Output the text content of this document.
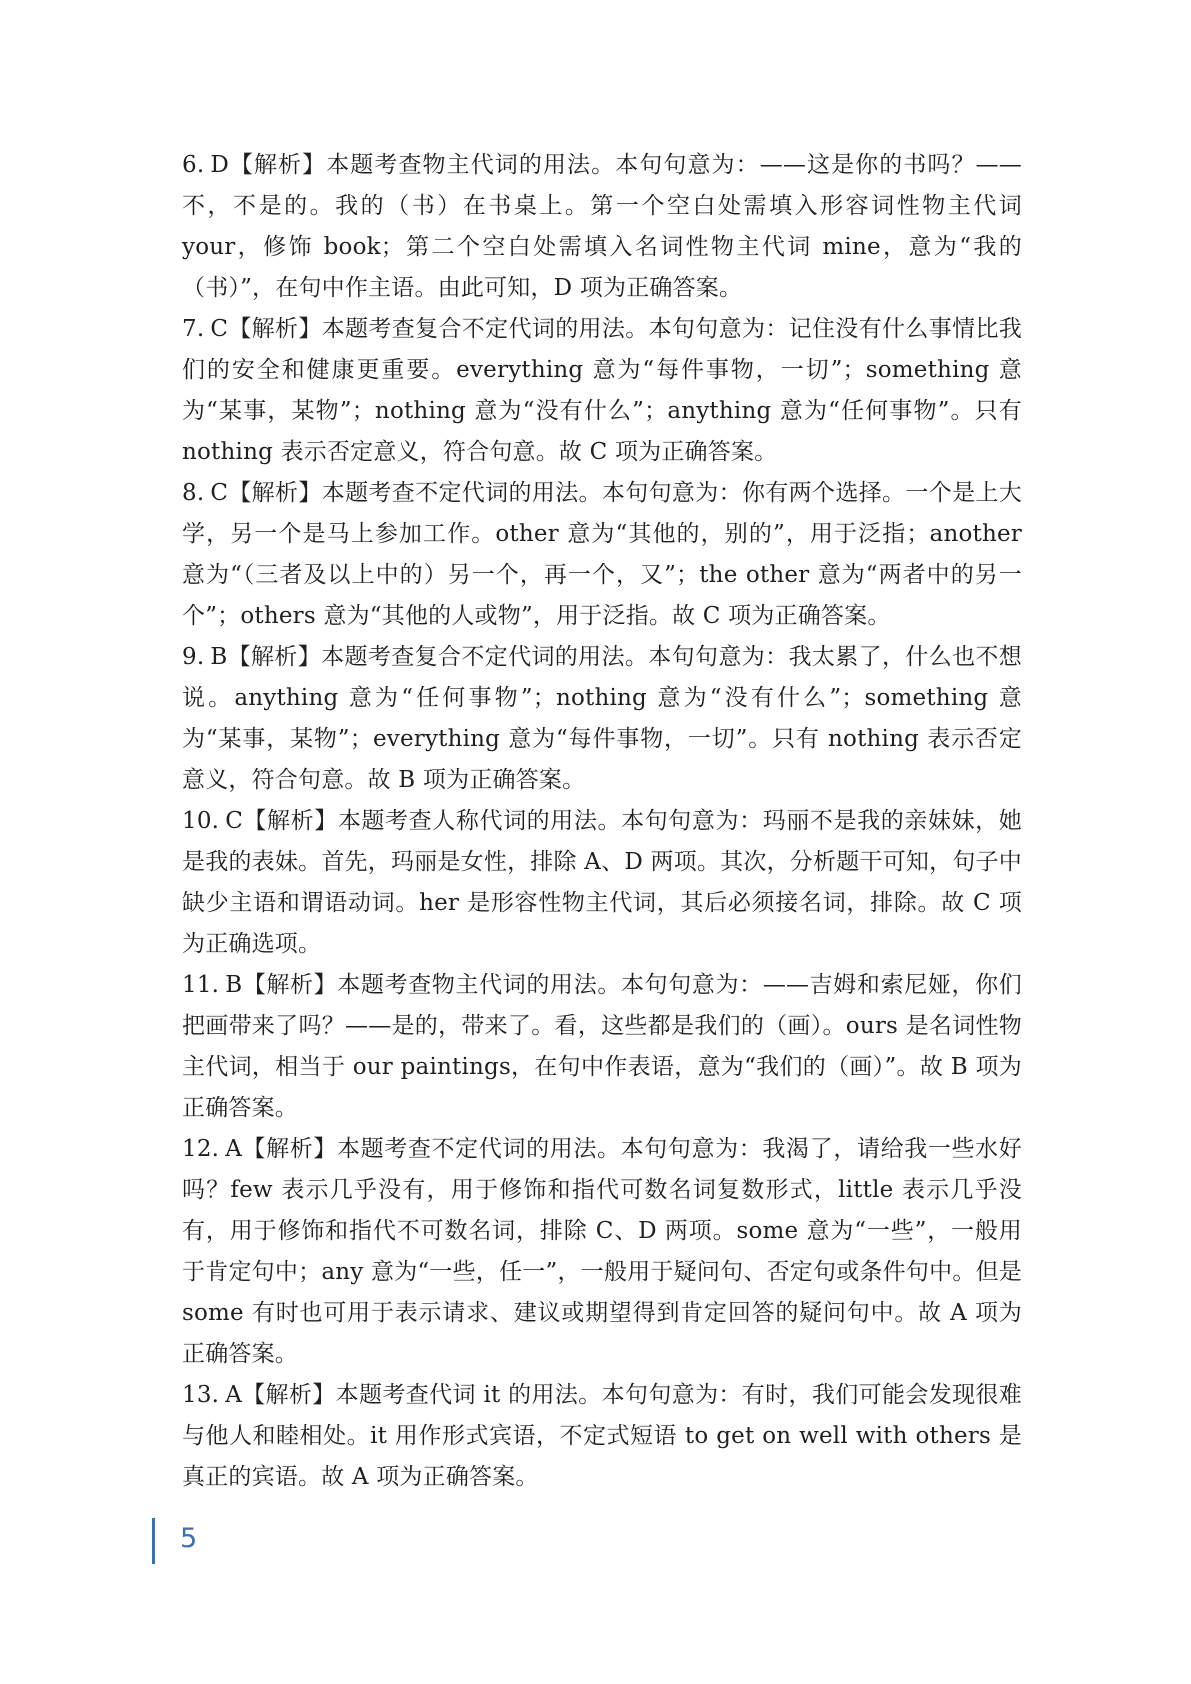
6. D【解析】本题考查物主代词的用法。本句句意为：——这是你的书吗？——不，不是的。我的（书）在书桌上。第一个空白处需填入形容词性物主代词 your，修饰 book；第二个空白处需填入名词性物主代词 mine，意为“我的（书）”，在句中作主语。由此可知，D 项为正确答案。

7. C【解析】本题考查复合不定代词的用法。本句句意为：记住没有什么事情比我们的安全和健康更重要。everything 意为“每件事物，一切”；something 意为“某事，某物”；nothing 意为“没有什么”；anything 意为“任何事物”。只有 nothing 表示否定意义，符合句意。故 C 项为正确答案。

8. C【解析】本题考查不定代词的用法。本句句意为：你有两个选择。一个是上大学，另一个是马上参加工作。other 意为“其他的，别的”，用于泛指；another 意为“（三者及以上中的）另一个，再一个，又”；the other 意为“两者中的另一个”；others 意为“其他的人或物”，用于泛指。故 C 项为正确答案。

9. B【解析】本题考查复合不定代词的用法。本句句意为：我太累了，什么也不想说。anything 意为“任何事物”；nothing 意为“没有什么”；something 意为“某事，某物”；everything 意为“每件事物，一切”。只有 nothing 表示否定意义，符合句意。故 B 项为正确答案。

10. C【解析】本题考查人称代词的用法。本句句意为：玛丽不是我的亲妹妹，她是我的表妹。首先，玛丽是女性，排除 A、D 两项。其次，分析题干可知，句子中缺少主语和谓语动词。her 是形容性物主代词，其后必须接名词，排除。故 C 项为正确选项。

11. B【解析】本题考查物主代词的用法。本句句意为：——吉姆和索尼娅，你们把画带来了吗？——是的，带来了。看，这些都是我们的（画）。ours 是名词性物主代词，相当于 our paintings，在句中作表语，意为“我们的（画）”。故 B 项为正确答案。

12. A【解析】本题考查不定代词的用法。本句句意为：我渴了，请给我一些水好吗？few 表示几乎没有，用于修饰和指代可数名词复数形式，little 表示几乎没有，用于修饰和指代不可数名词，排除 C、D 两项。some 意为“一些”，一般用于肯定句中；any 意为“一些，任一”，一般用于疑问句、否定句或条件句中。但是 some 有时也可用于表示请求、建议或期望得到肯定回答的疑问句中。故 A 项为正确答案。

13. A【解析】本题考查代词 it 的用法。本句句意为：有时，我们可能会发现很难与他人和睦相处。it 用作形式宾语，不定式短语 to get on well with others 是真正的宾语。故 A 项为正确答案。

5
